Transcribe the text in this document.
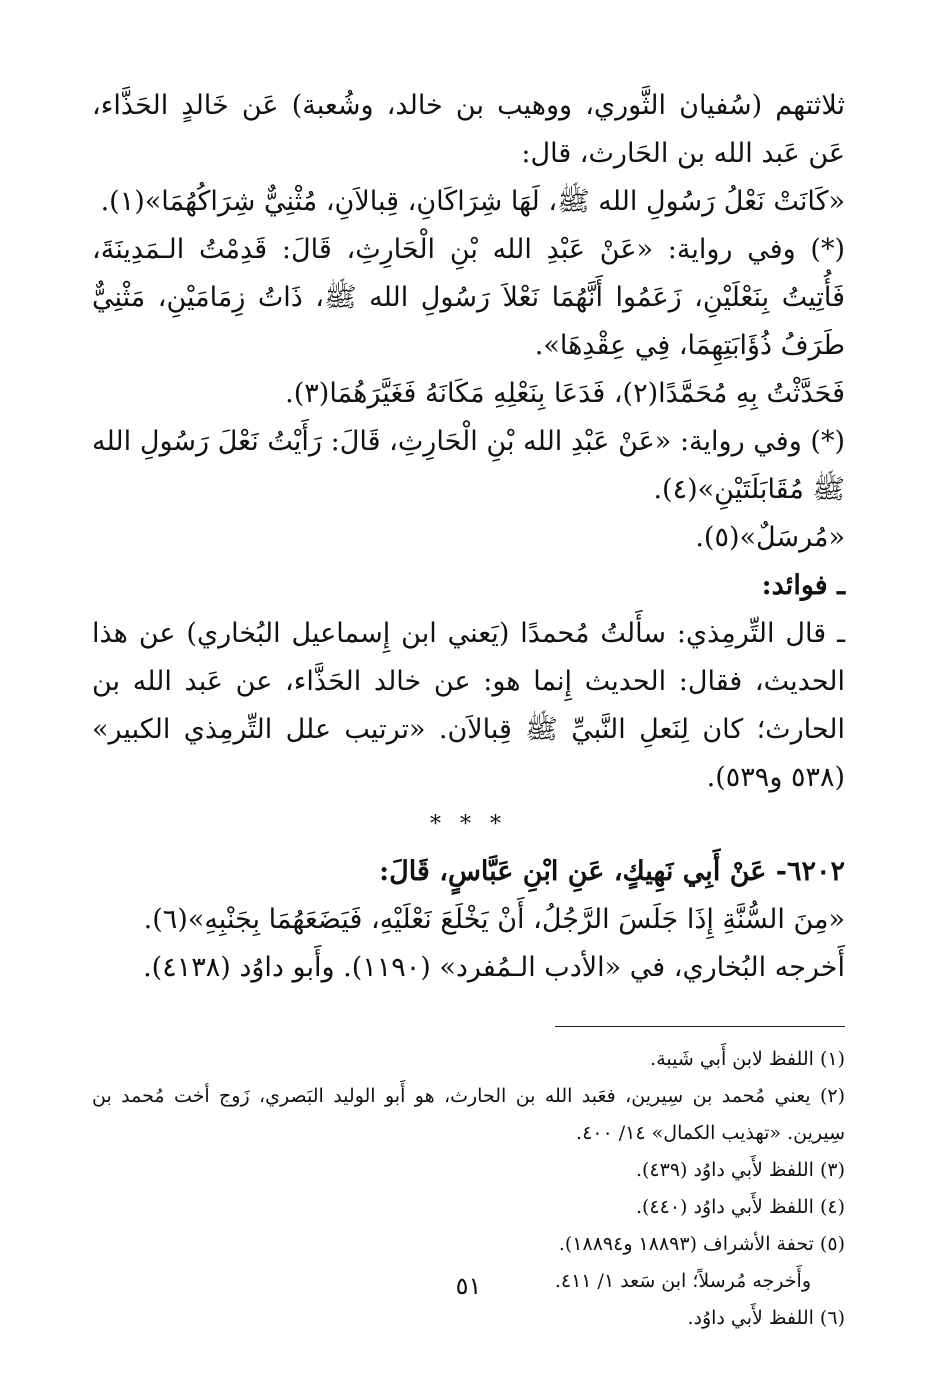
ثلاثتهم (سُفيان الثَّوري، ووهيب بن خالد، وشُعبة) عَن خَالدٍ الحَذَّاء، عَن عَبد الله بن الحَارث، قال:

«كَانَتْ نَعْلُ رَسُولِ الله ﷺ، لَهَا شِرَاكَانِ، قِبالاَنِ، مُثْنِيٌّ شِرَاكُهُمَا»(١).

(*) وفي رواية: «عَنْ عَبْدِ الله بْنِ الْحَارِثِ، قَالَ: قَدِمْتُ الـمَدِينَةَ، فَأُتِيتُ بِنَعْلَيْنِ، زَعَمُوا أَنَّهُمَا نَعْلاَ رَسُولِ الله ﷺ، ذَاتُ زِمَامَيْنِ، مَثْنِيٌّ طَرَفُ ذُؤَابَتِهِمَا، فِي عِقْدِهَا».

فَحَدَّثْتُ بِهِ مُحَمَّدًا(٢)، فَدَعَا بِنَعْلِهِ مَكَانَهُ فَغَيَّرَهُمَا(٣).

(*) وفي رواية: «عَنْ عَبْدِ الله بْنِ الْحَارِثِ، قَالَ: رَأَيْتُ نَعْلَ رَسُولِ الله ﷺ مُقَابَلَتَيْنِ»(٤).

«مُرسَلٌ»(٥).

ـ فوائد:

ـ قال التِّرمِذي: سأَلتُ مُحمدًا (يَعني ابن إِسماعيل البُخاري) عن هذا الحديث، فقال: الحديث إِنما هو: عن خالد الحَذَّاء، عن عَبد الله بن الحارث؛ كان لِنَعلِ النَّبيِّ ﷺ قِبالاَن. «ترتيب علل التِّرمِذي الكبير» (٥٣٨ و٥٣٩).

* * *

٦٢٠٢- عَنْ أَبِي نَهِيكٍ، عَنِ ابْنِ عَبَّاسٍ، قَالَ:

«مِنَ السُّنَّةِ إِذَا جَلَسَ الرَّجُلُ، أَنْ يَخْلَعَ نَعْلَيْهِ، فَيَضَعَهُمَا بِجَنْبِهِ»(٦).

أَخرجه البُخاري، في «الأدب الـمُفرد» (١١٩٠). وأَبو داوُد (٤١٣٨).

(١) اللفظ لابن أَبي شَيبة.

(٢) يعني مُحمد بن سِيرين، فعَبد الله بن الحارث، هو أَبو الوليد البَصري، زَوج أخت مُحمد بن سِيرين. «تهذيب الكمال» ١٤/ ٤٠٠.

(٣) اللفظ لأَبي داوُد (٤٣٩).

(٤) اللفظ لأَبي داوُد (٤٤٠).

(٥) تحفة الأشراف (١٨٨٩٣ و١٨٨٩٤).

وأَخرجه مُرسلاً؛ ابن سَعد ١/ ٤١١.

(٦) اللفظ لأَبي داوُد.

٥١
